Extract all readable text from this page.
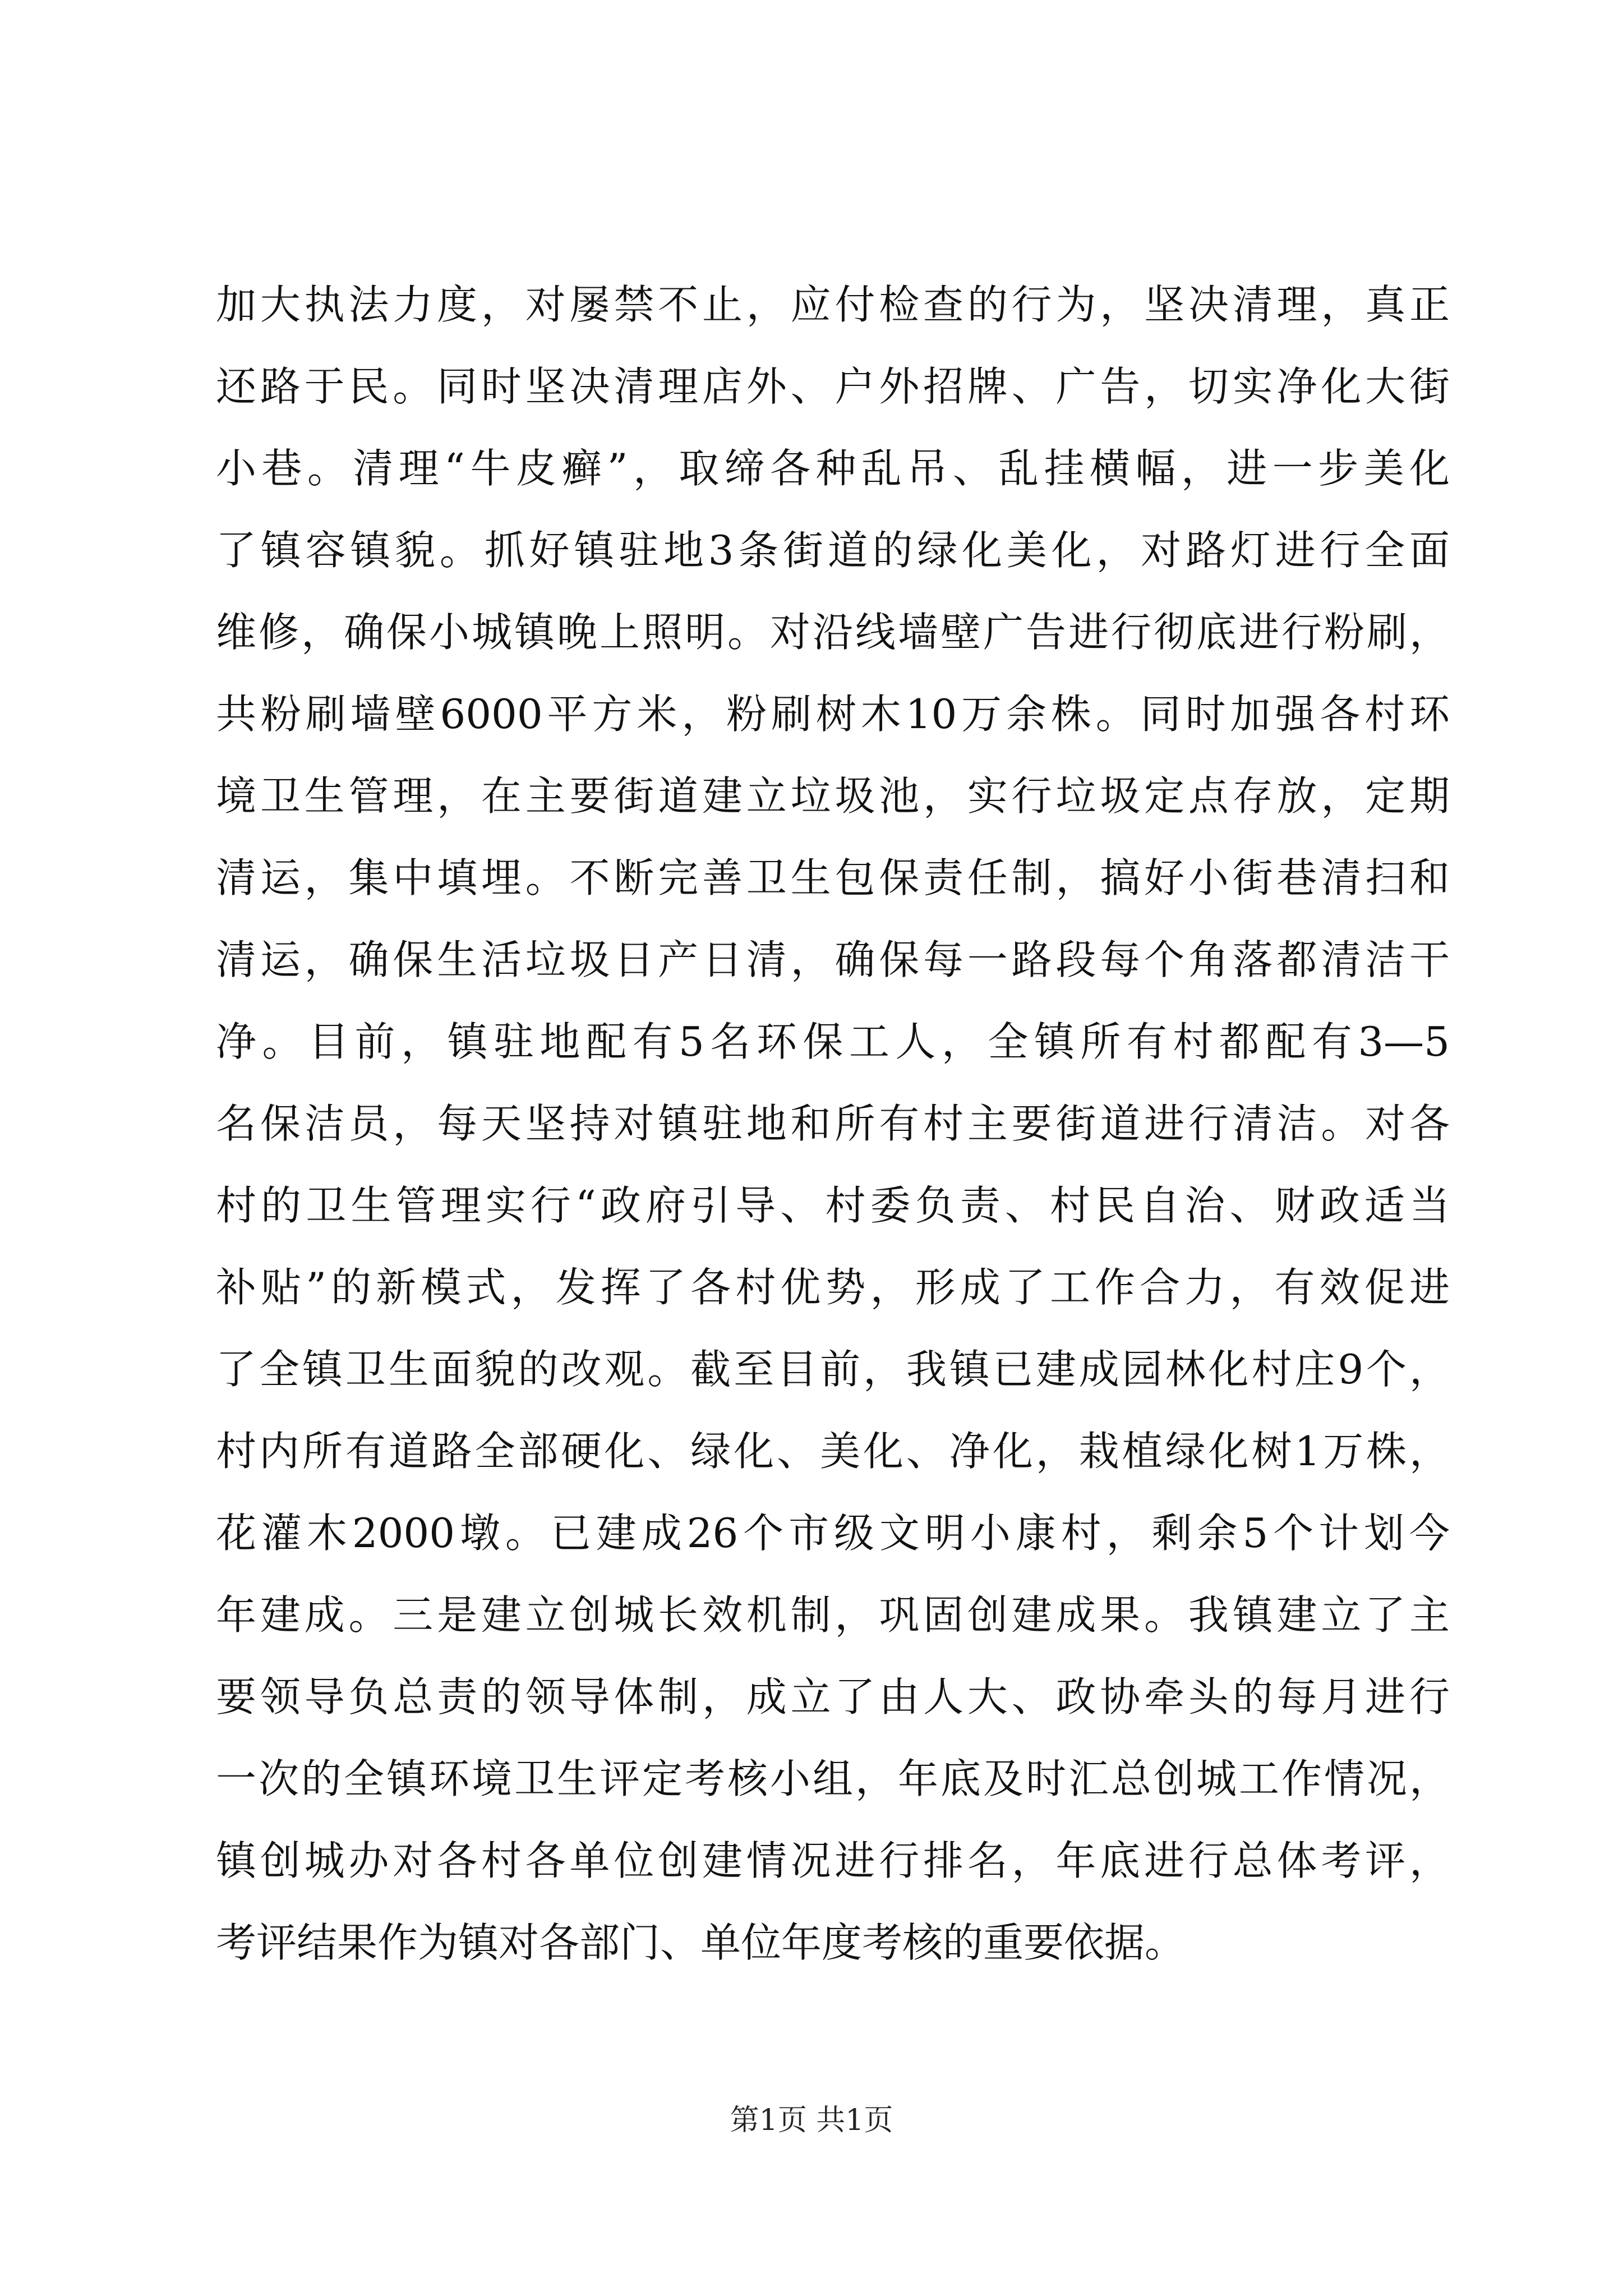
加大执法力度，对屡禁不止，应付检查的行为，坚决清理，真正
还路于民。同时坚决清理店外、户外招牌、广告，切实净化大街
小巷。清理“牛皮癣”，取缔各种乱吊、乱挂横幅，进一步美化
了镇容镇貌。抓好镇驻地3条街道的绿化美化，对路灯进行全面
维修，确保小城镇晚上照明。对沿线墙壁广告进行彻底进行粉刷，
共粉刷墙壁6000平方米，粉刷树木10万余株。同时加强各村环
境卫生管理，在主要街道建立垃圾池，实行垃圾定点存放，定期
清运，集中填埋。不断完善卫生包保责任制，搞好小街巷清扫和
清运，确保生活垃圾日产日清，确保每一路段每个角落都清洁干
净。目前，镇驻地配有5名环保工人，全镇所有村都配有3—5
名保洁员，每天坚持对镇驻地和所有村主要街道进行清洁。对各
村的卫生管理实行“政府引导、村委负责、村民自治、财政适当
补贴”的新模式，发挥了各村优势，形成了工作合力，有效促进
了全镇卫生面貌的改观。截至目前，我镇已建成园林化村庄9个，
村内所有道路全部硬化、绿化、美化、净化，栽植绿化树1万株，
花灌木2000墩。已建成26个市级文明小康村，剩余5个计划今
年建成。三是建立创城长效机制，巩固创建成果。我镇建立了主
要领导负总责的领导体制，成立了由人大、政协牵头的每月进行
一次的全镇环境卫生评定考核小组，年底及时汇总创城工作情况，
镇创城办对各村各单位创建情况进行排名，年底进行总体考评，
考评结果作为镇对各部门、单位年度考核的重要依据。
第1页 共1页
